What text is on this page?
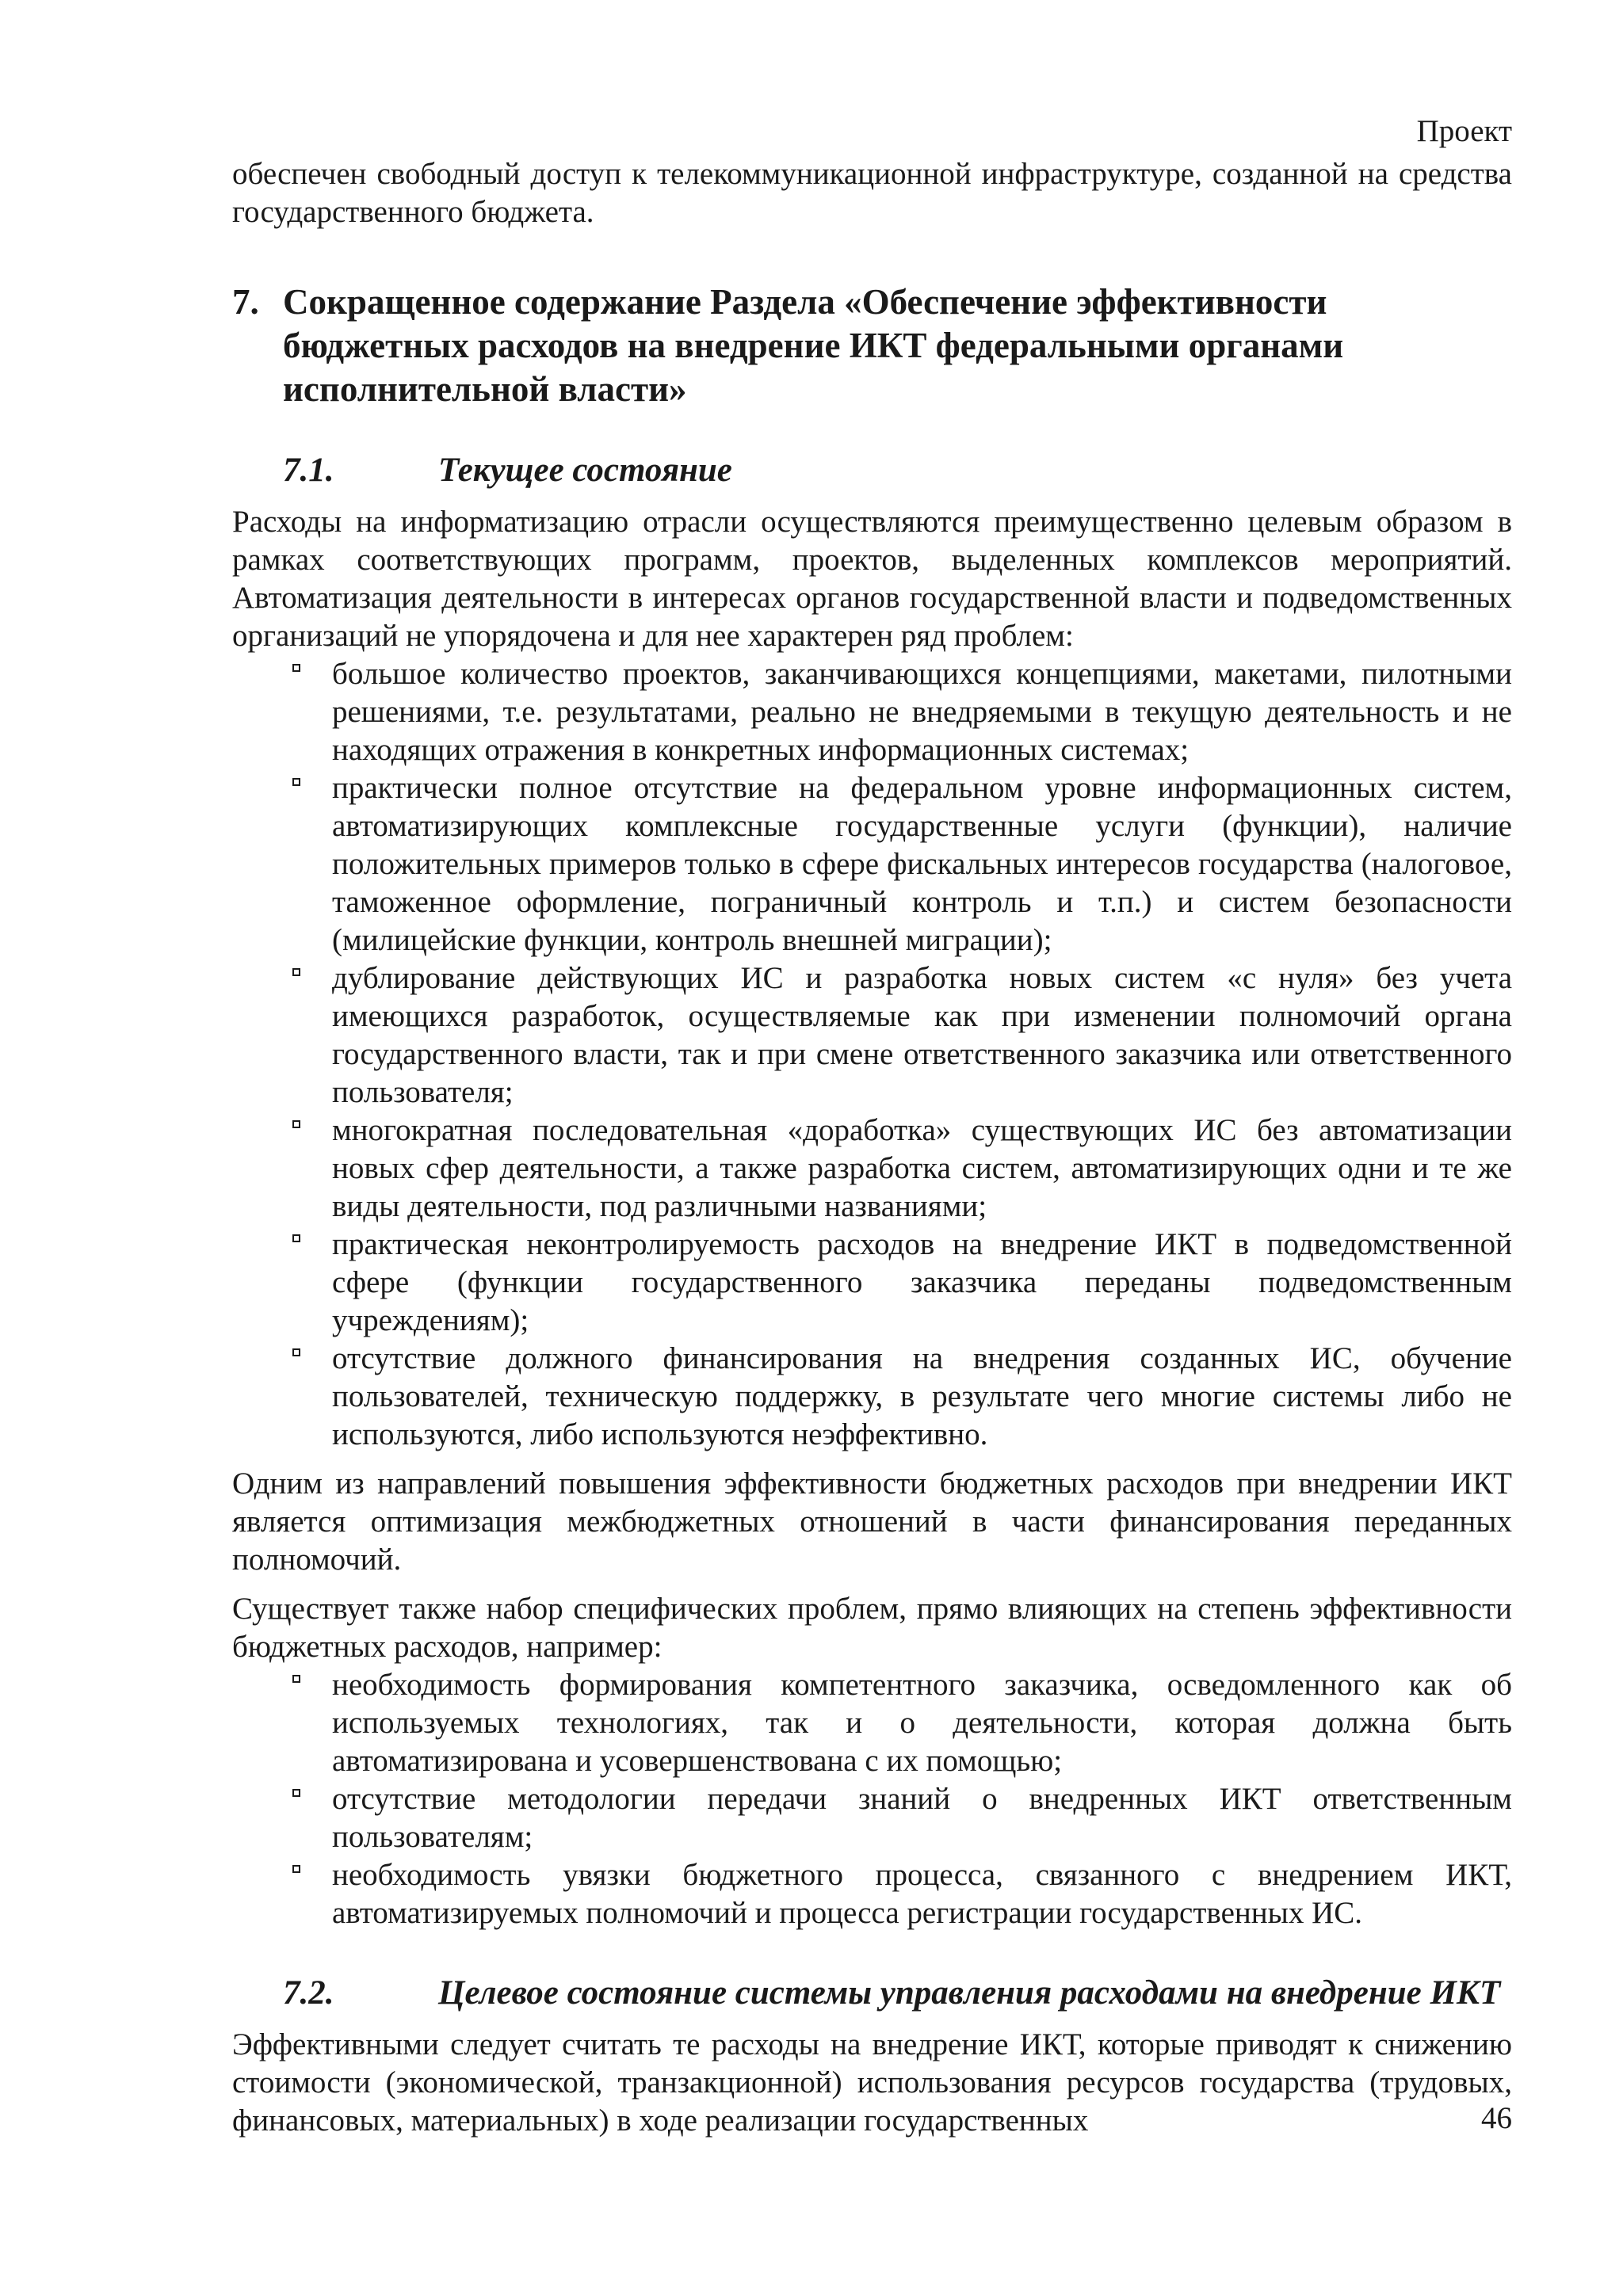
Проект

обеспечен свободный доступ к телекоммуникационной инфраструктуре, созданной на средства государственного бюджета.

7. Сокращенное содержание Раздела «Обеспечение эффективности бюджетных расходов на внедрение ИКТ федеральными органами исполнительной власти»
7.1.	Текущее состояние

Расходы на информатизацию отрасли осуществляются преимущественно целевым образом в рамках соответствующих программ, проектов, выделенных комплексов мероприятий. Автоматизация деятельности в интересах органов государственной власти и подведомственных организаций не упорядочена и для нее характерен ряд проблем:

большое количество проектов, заканчивающихся концепциями, макетами, пилотными решениями, т.е. результатами, реально не внедряемыми в текущую деятельность и не находящих отражения в конкретных информационных системах;
практически полное отсутствие на федеральном уровне информационных систем, автоматизирующих комплексные государственные услуги (функции), наличие положительных примеров только в сфере фискальных интересов государства (налоговое, таможенное оформление, пограничный контроль и т.п.) и систем безопасности (милицейские функции, контроль внешней миграции);
дублирование действующих ИС и разработка новых систем «с нуля» без учета имеющихся разработок, осуществляемые как при изменении полномочий органа государственного власти, так и при смене ответственного заказчика или ответственного пользователя;
многократная последовательная «доработка» существующих ИС без автоматизации новых сфер деятельности, а также разработка систем, автоматизирующих одни и те же виды деятельности, под различными названиями;
практическая неконтролируемость расходов на внедрение ИКТ в подведомственной сфере (функции государственного заказчика переданы подведомственным учреждениям);
отсутствие должного финансирования на внедрения созданных ИС, обучение пользователей, техническую поддержку, в результате чего многие системы либо не используются, либо используются неэффективно.

Одним из направлений повышения эффективности бюджетных расходов при внедрении ИКТ является оптимизация межбюджетных отношений в части финансирования переданных полномочий.

Существует также набор специфических проблем, прямо влияющих на степень эффективности бюджетных расходов, например:

необходимость формирования компетентного заказчика, осведомленного как об используемых технологиях, так и о деятельности, которая должна быть автоматизирована и усовершенствована с их помощью;
отсутствие методологии передачи знаний о внедренных ИКТ ответственным пользователям;
необходимость увязки бюджетного процесса, связанного с внедрением ИКТ, автоматизируемых полномочий и процесса регистрации государственных ИС.
7.2.	Целевое состояние системы управления расходами на внедрение ИКТ

Эффективными следует считать те расходы на внедрение ИКТ, которые приводят к снижению стоимости (экономической, транзакционной) использования ресурсов государства (трудовых, финансовых, материальных) в ходе реализации государственных	46
